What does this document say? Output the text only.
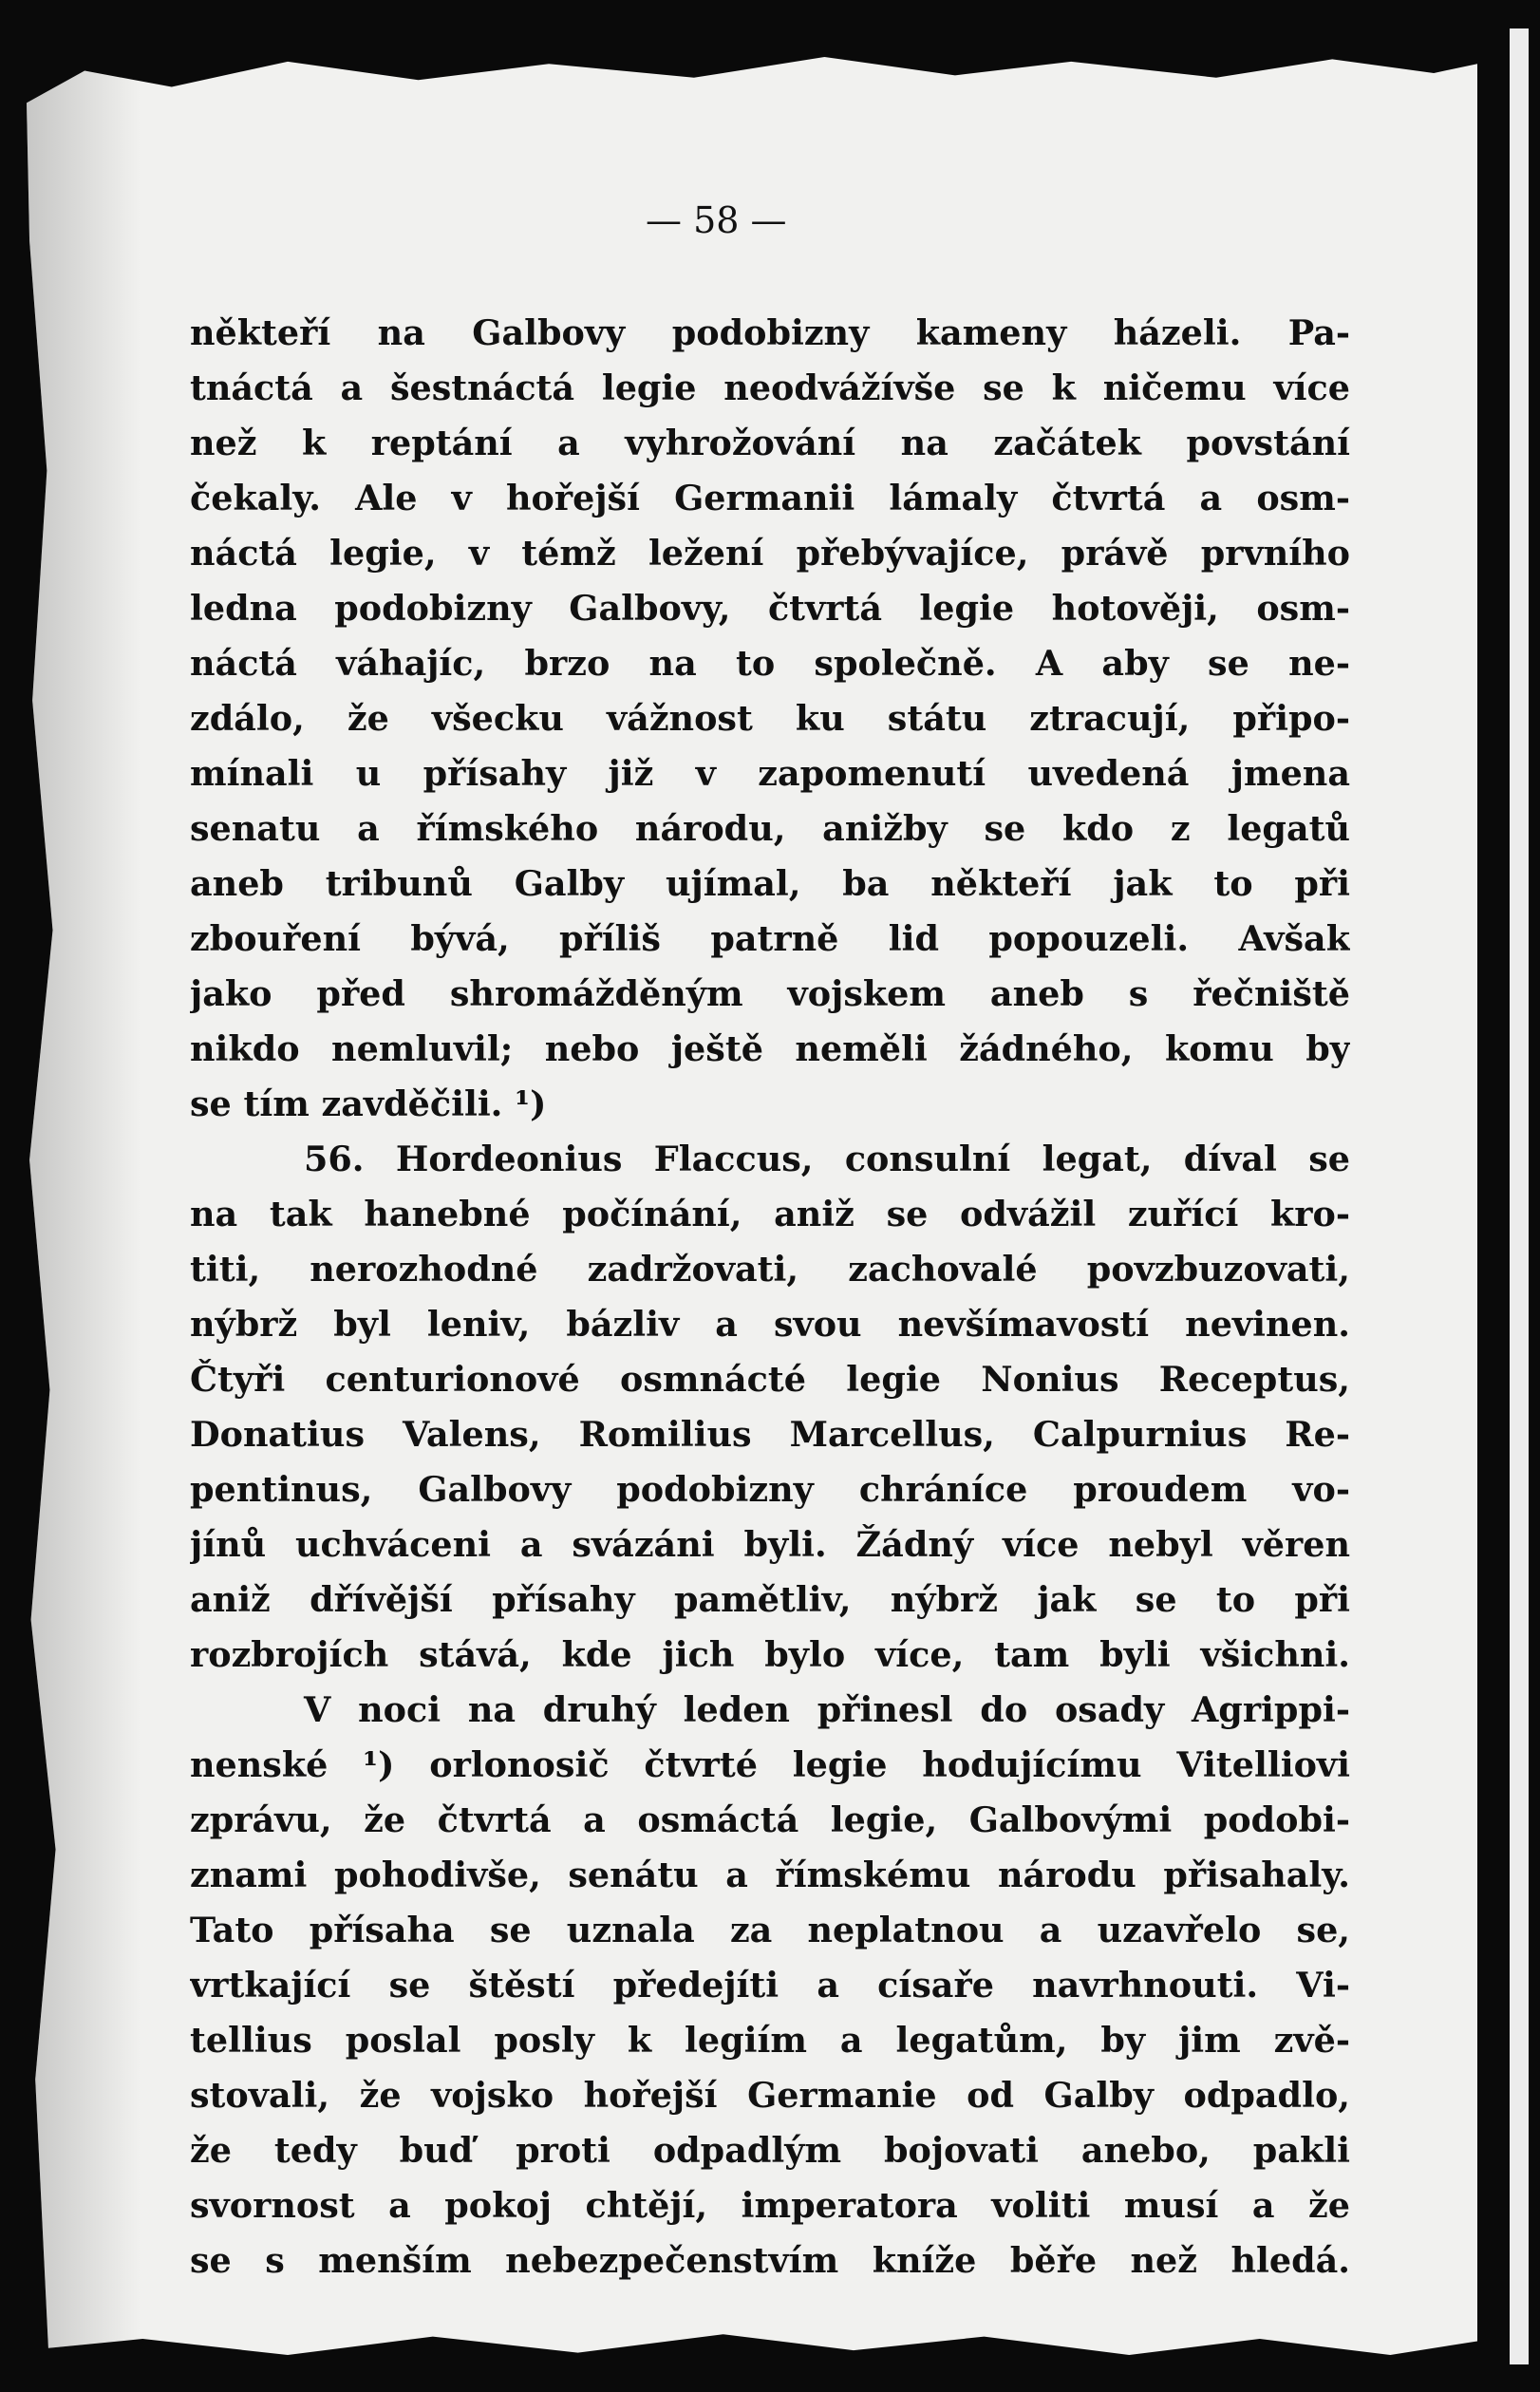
— 58 —
někteří na Galbovy podobizny kameny házeli. Pa-
tnáctá a šestnáctá legie neodvážívše se k ničemu více
než k reptání a vyhrožování na začátek povstání
čekaly. Ale v hořejší Germanii lámaly čtvrtá a osm-
náctá legie, v témž ležení přebývajíce, právě prvního
ledna podobizny Galbovy, čtvrtá legie hotověji, osm-
náctá váhajíc, brzo na to společně. A aby se ne-
zdálo, že všecku vážnost ku státu ztracují, připo-
mínali u přísahy již v zapomenutí uvedená jmena
senatu a římského národu, anižby se kdo z legatů
aneb tribunů Galby ujímal, ba někteří jak to při
zbouření bývá, příliš patrně lid popouzeli. Avšak
jako před shromážděným vojskem aneb s řečniště
nikdo nemluvil; nebo ještě neměli žádného, komu by
se tím zavděčili. ¹)
56. Hordeonius Flaccus, consulní legat, díval se
na tak hanebné počínání, aniž se odvážil zuřící kro-
titi, nerozhodné zadržovati, zachovalé povzbuzovati,
nýbrž byl leniv, bázliv a svou nevšímavostí nevinen.
Čtyři centurionové osmnácté legie Nonius Receptus,
Donatius Valens, Romilius Marcellus, Calpurnius Re-
pentinus, Galbovy podobizny chráníce proudem vo-
jínů uchváceni a svázáni byli. Žádný více nebyl věren
aniž dřívější přísahy pamětliv, nýbrž jak se to při
rozbrojích stává, kde jich bylo více, tam byli všichni.
V noci na druhý leden přinesl do osady Agrippi-
nenské ¹) orlonosič čtvrté legie hodujícímu Vitelliovi
zprávu, že čtvrtá a osmáctá legie, Galbovými podobi-
znami pohodivše, senátu a římskému národu přisahaly.
Tato přísaha se uznala za neplatnou a uzavřelo se,
vrtkající se štěstí předejíti a císaře navrhnouti. Vi-
tellius poslal posly k legiím a legatům, by jim zvě-
stovali, že vojsko hořejší Germanie od Galby odpadlo,
že tedy buď proti odpadlým bojovati anebo, pakli
svornost a pokoj chtějí, imperatora voliti musí a že
se s menším nebezpečenstvím kníže běře než hledá.
